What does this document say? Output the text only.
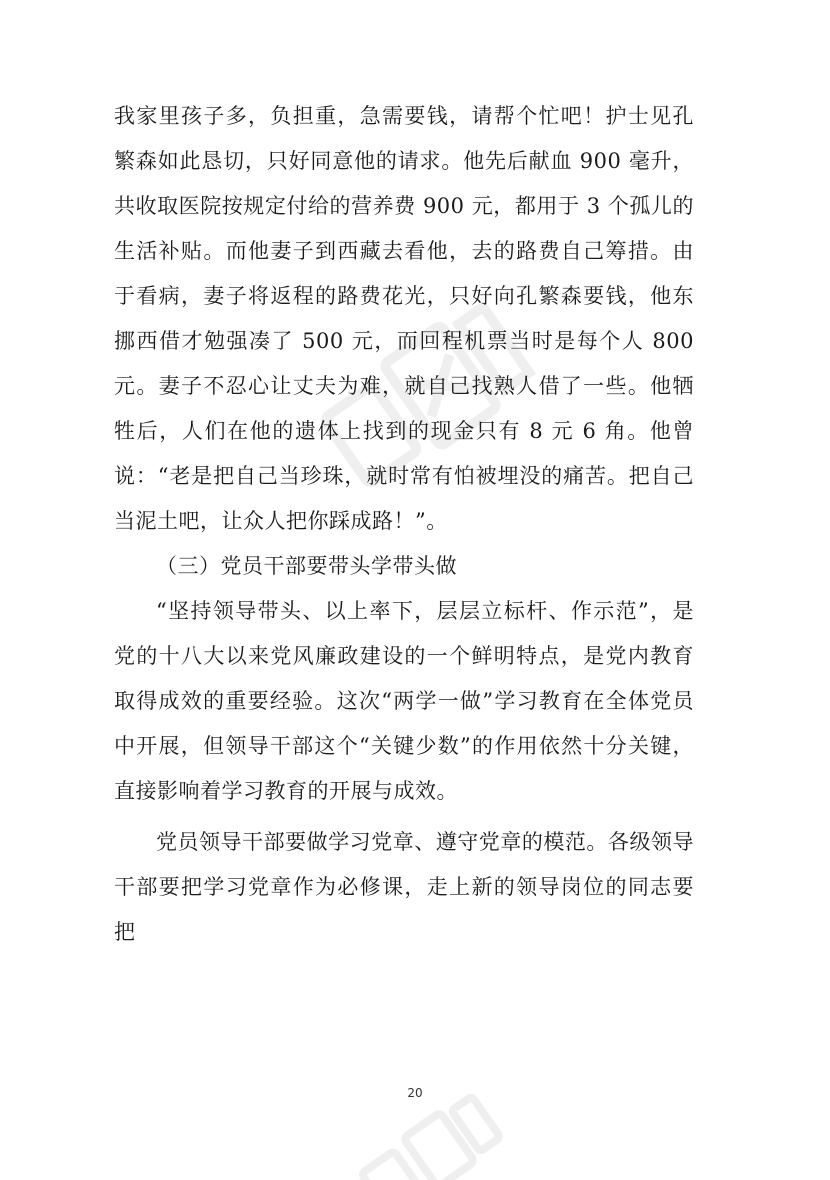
我家里孩子多，负担重，急需要钱，请帮个忙吧！护士见孔繁森如此恳切，只好同意他的请求。他先后献血 900 毫升，共收取医院按规定付给的营养费 900 元，都用于 3 个孤儿的生活补贴。而他妻子到西藏去看他，去的路费自己筹措。由于看病，妻子将返程的路费花光，只好向孔繁森要钱，他东挪西借才勉强凑了 500 元，而回程机票当时是每个人 800 元。妻子不忍心让丈夫为难，就自己找熟人借了一些。他牺牲后，人们在他的遗体上找到的现金只有 8 元 6 角。他曾说：“老是把自己当珍珠，就时常有怕被埋没的痛苦。把自己当泥土吧，让众人把你踩成路！”。

（三）党员干部要带头学带头做

“坚持领导带头、以上率下，层层立标杆、作示范”，是党的十八大以来党风廉政建设的一个鲜明特点，是党内教育取得成效的重要经验。这次“两学一做”学习教育在全体党员中开展，但领导干部这个“关键少数”的作用依然十分关键，直接影响着学习教育的开展与成效。

党员领导干部要做学习党章、遵守党章的模范。各级领导干部要把学习党章作为必修课，走上新的领导岗位的同志要把

20
